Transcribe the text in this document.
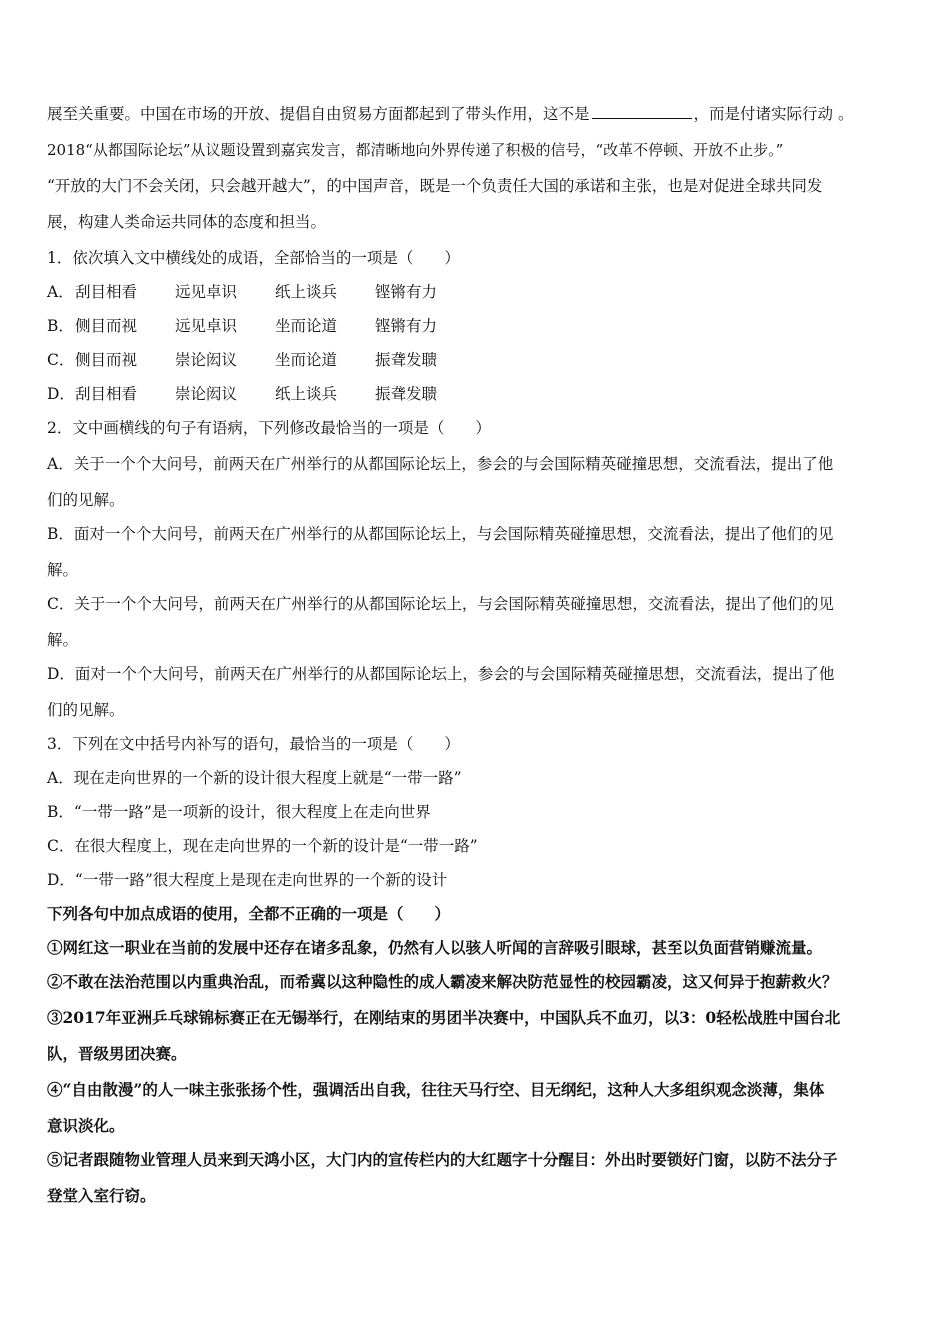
展至关重要。中国在市场的开放、提倡自由贸易方面都起到了带头作用，这不是	，而是付诸实际行动 。
2018“从都国际论坛”从议题设置到嘉宾发言，都清晰地向外界传递了积极的信号，“改革不停顿、开放不止步。”
“开放的大门不会关闭，只会越开越大”，的中国声音，既是一个负责任大国的承诺和主张，也是对促进全球共同发
展，构建人类命运共同体的态度和担当。
1．依次填入文中横线处的成语，全部恰当的一项是（　　）
A．刮目相看 远见卓识 纸上谈兵 铿锵有力
B．侧目而视 远见卓识 坐而论道 铿锵有力
C．侧目而视 崇论闳议 坐而论道 振聋发聩
D．刮目相看 崇论闳议 纸上谈兵 振聋发聩
2．文中画横线的句子有语病，下列修改最恰当的一项是（　　）
A．关于一个个大问号，前两天在广州举行的从都国际论坛上，参会的与会国际精英碰撞思想，交流看法，提出了他
们的见解。
B．面对一个个大问号，前两天在广州举行的从都国际论坛上，与会国际精英碰撞思想，交流看法，提出了他们的见
解。
C．关于一个个大问号，前两天在广州举行的从都国际论坛上，与会国际精英碰撞思想，交流看法，提出了他们的见
解。
D．面对一个个大问号，前两天在广州举行的从都国际论坛上，参会的与会国际精英碰撞思想，交流看法，提出了他
们的见解。
3．下列在文中括号内补写的语句，最恰当的一项是（　　）
A．现在走向世界的一个新的设计很大程度上就是“一带一路”
B．“一带一路”是一项新的设计，很大程度上在走向世界
C．在很大程度上，现在走向世界的一个新的设计是“一带一路”
D．“一带一路”很大程度上是现在走向世界的一个新的设计
下列各句中加点成语的使用，全都不正确的一项是（　　）
①网红这一职业在当前的发展中还存在诸多乱象，仍然有人以骇人听闻的言辞吸引眼球，甚至以负面营销赚流量。
②不敢在法治范围以内重典治乱，而希冀以这种隐性的成人霸凌来解决防范显性的校园霸凌，这又何异于抱薪救火？
③2017年亚洲乒乓球锦标赛正在无锡举行，在刚结束的男团半决赛中，中国队兵不血刃，以3：0轻松战胜中国台北
队，晋级男团决赛。
④“自由散漫”的人一味主张张扬个性，强调活出自我，往往天马行空、目无纲纪，这种人大多组织观念淡薄，集体
意识淡化。
⑤记者跟随物业管理人员来到天鸿小区，大门内的宣传栏内的大红题字十分醒目：外出时要锁好门窗，以防不法分子
登堂入室行窃。
